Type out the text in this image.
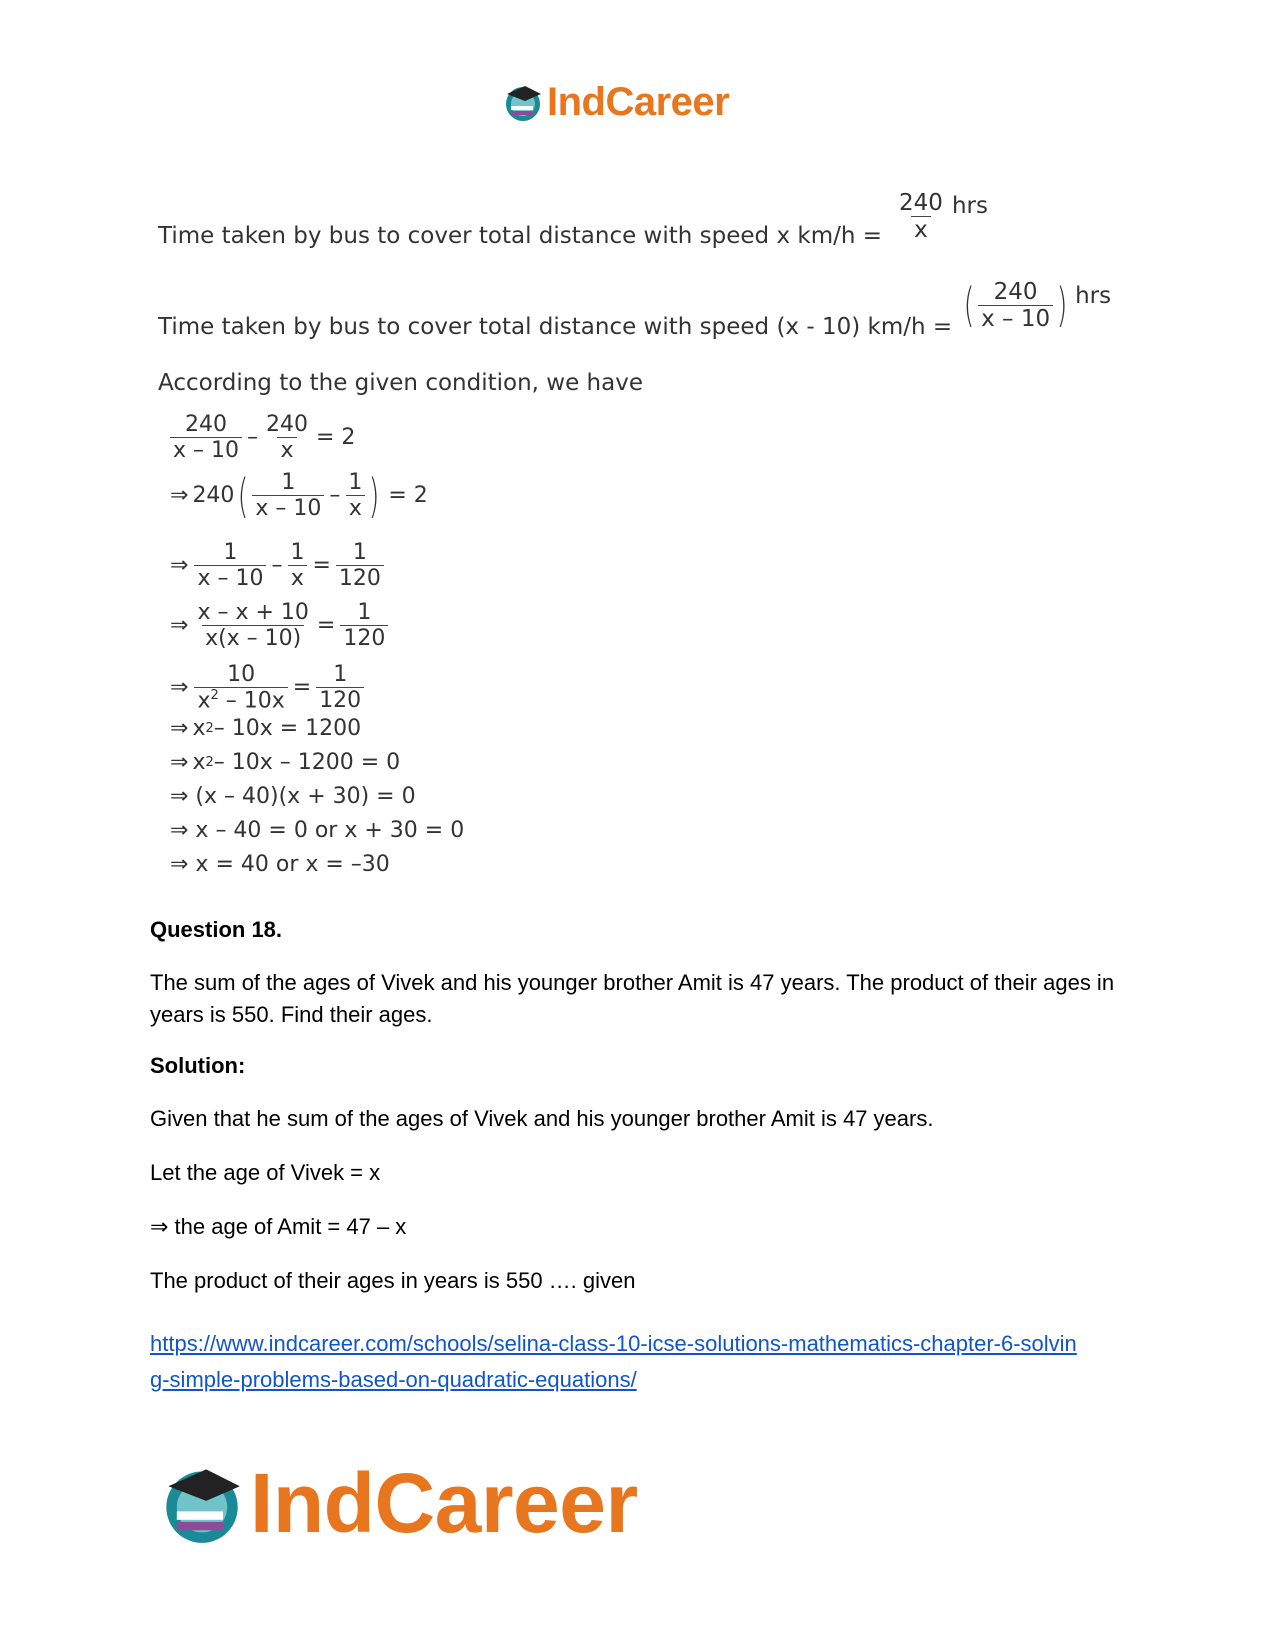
IndCareer
Time taken by bus to cover total distance with speed x $km/h = \frac{240}{x}$ hrs
Time taken by bus to cover total distance with speed (x - 10) km/h = ( $\frac{240}{x - 10}$ ) hrs
According to the given condition, we have
$\frac{240}{x - 10} - \frac{240}{x} = 2$
⇒ 240 ( $\frac{1}{x - 10} - \frac{1}{x}$ ) = 2
⇒ $\frac{1}{x - 10} - \frac{1}{x} = \frac{1}{120}$
⇒ $\frac{x - x + 10}{x(x - 10)} = \frac{1}{120}$
⇒ $\frac{10}{x^2 - 10x} = \frac{1}{120}$
⇒ x 2 – 10x = 1200
⇒ x 2 – 10x – 1200 = 0
⇒ (x – 40)(x + 30) = 0
⇒ x – 40 = 0 or x + 30 = 0
⇒ x = 40 or x = –30
Question 18.
The sum of the ages of Vivek and his younger brother Amit is 47 years. The product of their ages in years is 550. Find their ages.
Solution:
Given that he sum of the ages of Vivek and his younger brother Amit is 47 years.
Let the age of Vivek = x
⇒ the age of Amit = 47 – x
The product of their ages in years is 550 …. given
https://www.indcareer.com/schools/selina-class-10-icse-solutions-mathematics-chapter-6-solvin
g-simple-problems-based-on-quadratic-equations/
IndCareer
